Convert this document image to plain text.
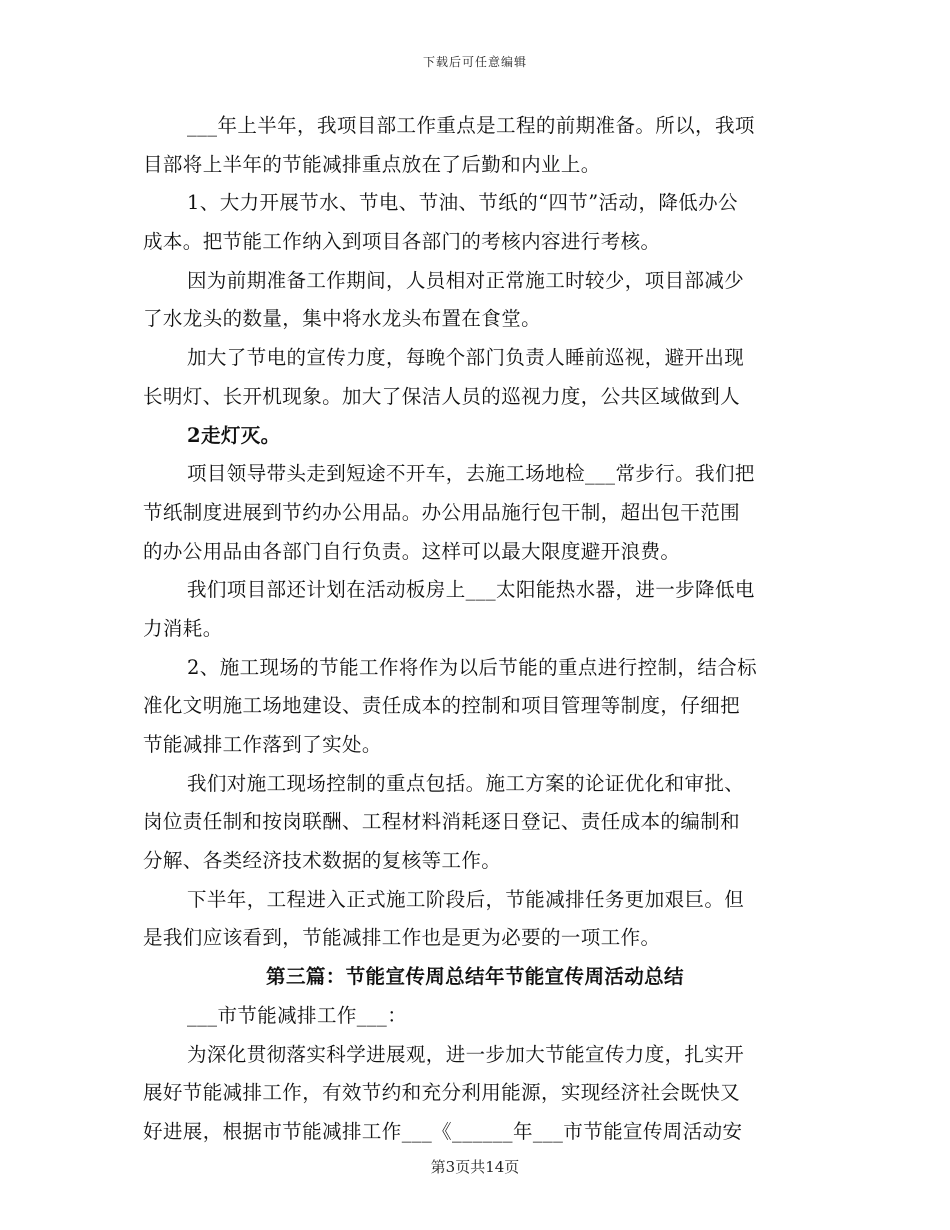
下载后可任意编辑
___年上半年，我项目部工作重点是工程的前期准备。所以，我项
目部将上半年的节能减排重点放在了后勤和内业上。
1、大力开展节水、节电、节油、节纸的“四节”活动，降低办公
成本。把节能工作纳入到项目各部门的考核内容进行考核。
因为前期准备工作期间，人员相对正常施工时较少，项目部减少
了水龙头的数量，集中将水龙头布置在食堂。
加大了节电的宣传力度，每晚个部门负责人睡前巡视，避开出现
长明灯、长开机现象。加大了保洁人员的巡视力度，公共区域做到人
2走灯灭。
项目领导带头走到短途不开车，去施工场地检___常步行。我们把
节纸制度进展到节约办公用品。办公用品施行包干制，超出包干范围
的办公用品由各部门自行负责。这样可以最大限度避开浪费。
我们项目部还计划在活动板房上___太阳能热水器，进一步降低电
力消耗。
2、施工现场的节能工作将作为以后节能的重点进行控制，结合标
准化文明施工场地建设、责任成本的控制和项目管理等制度，仔细把
节能减排工作落到了实处。
我们对施工现场控制的重点包括。施工方案的论证优化和审批、
岗位责任制和按岗联酬、工程材料消耗逐日登记、责任成本的编制和
分解、各类经济技术数据的复核等工作。
下半年，工程进入正式施工阶段后，节能减排任务更加艰巨。但
是我们应该看到，节能减排工作也是更为必要的一项工作。
第三篇：节能宣传周总结年节能宣传周活动总结
___市节能减排工作___：
为深化贯彻落实科学进展观，进一步加大节能宣传力度，扎实开
展好节能减排工作，有效节约和充分利用能源，实现经济社会既快又
好进展，根据市节能减排工作___《______年___市节能宣传周活动安
第3页共14页
